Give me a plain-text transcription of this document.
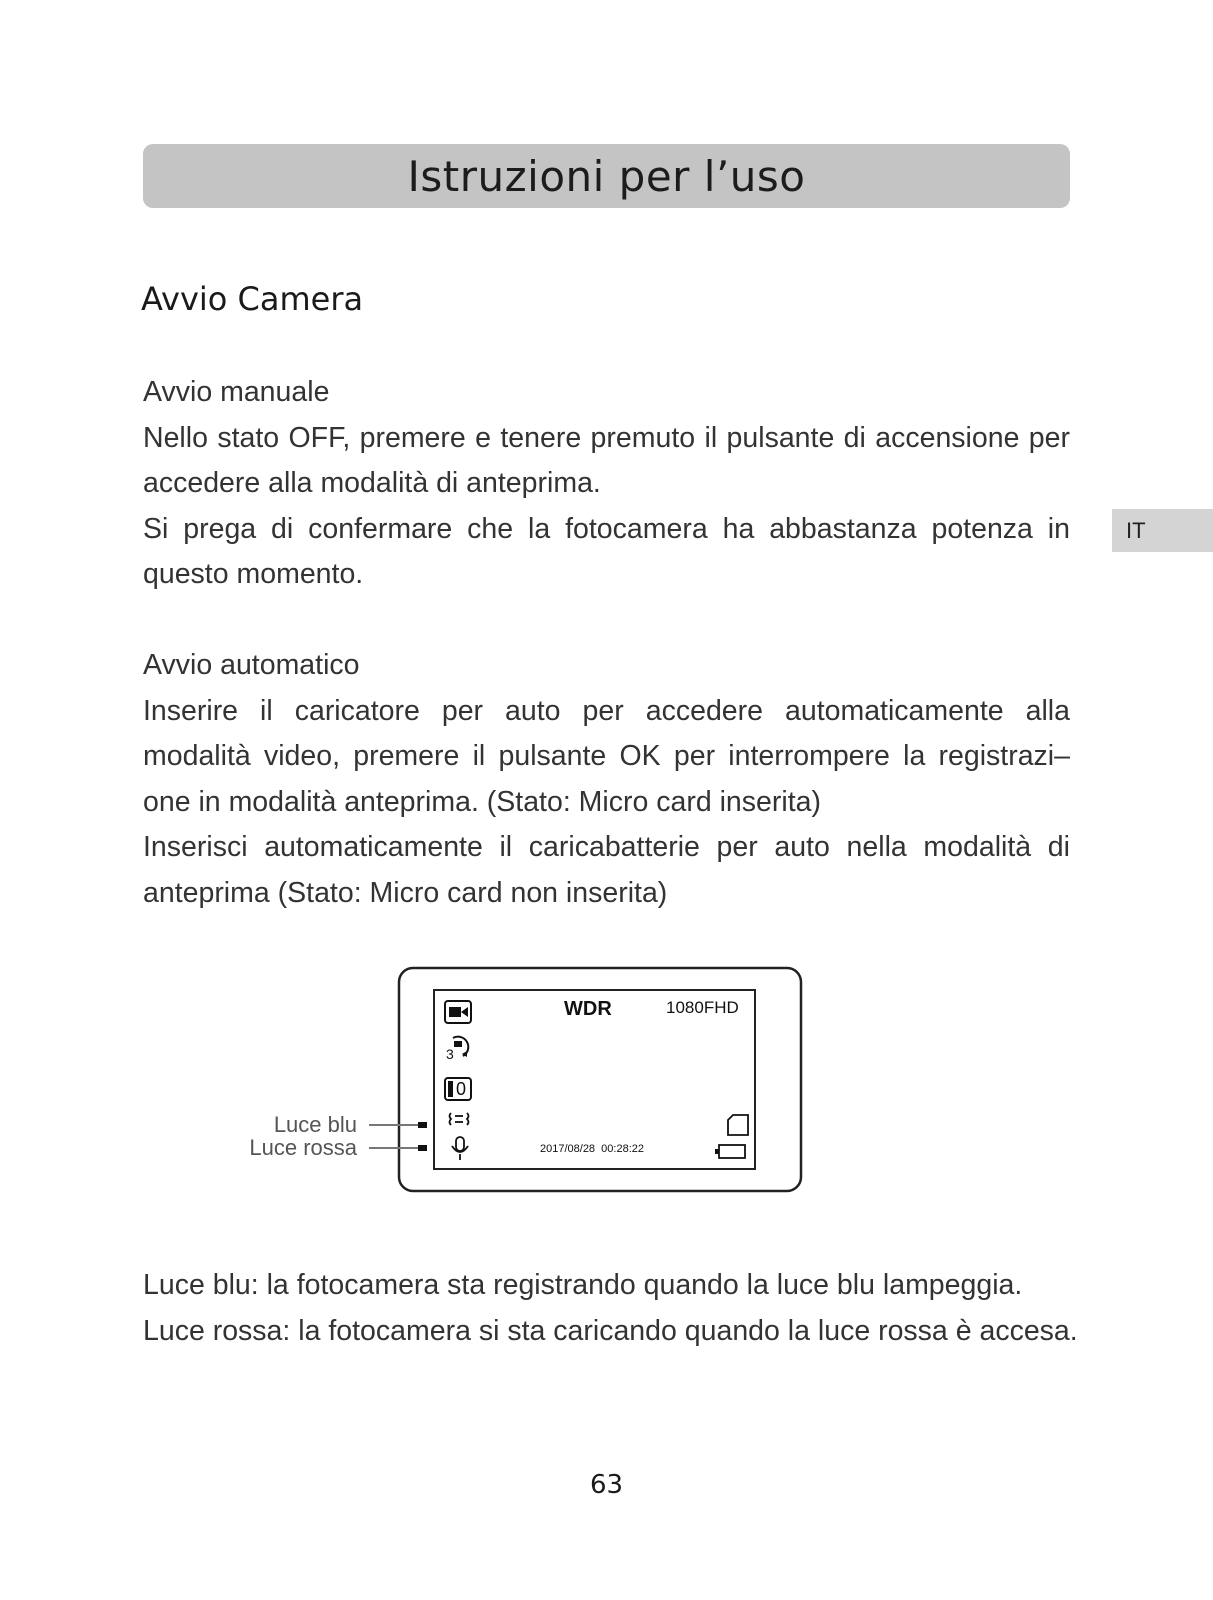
Istruzioni per l’uso
Avvio Camera

Avvio manuale

Nello stato OFF, premere e tenere premuto il pulsante di accensione per accedere alla modalità di anteprima.

Si prega di confermare che la fotocamera ha abbastanza potenza in questo momento.

IT

Avvio automatico

Inserire il caricatore per auto per accedere automaticamente alla modalità video, premere il pulsante OK per interrompere la registrazi– one in modalità anteprima. (Stato: Micro card inserita)

Inserisci automaticamente il caricabatterie per auto nella modalità di anteprima (Stato: Micro card non inserita)

Luce blu
Luce rossa
WDR	1080FHD
3
0
2017/08/28  00:28:22

Luce blu: la fotocamera sta registrando quando la luce blu lampeggia.

Luce rossa: la fotocamera si sta caricando quando la luce rossa è accesa.

63
